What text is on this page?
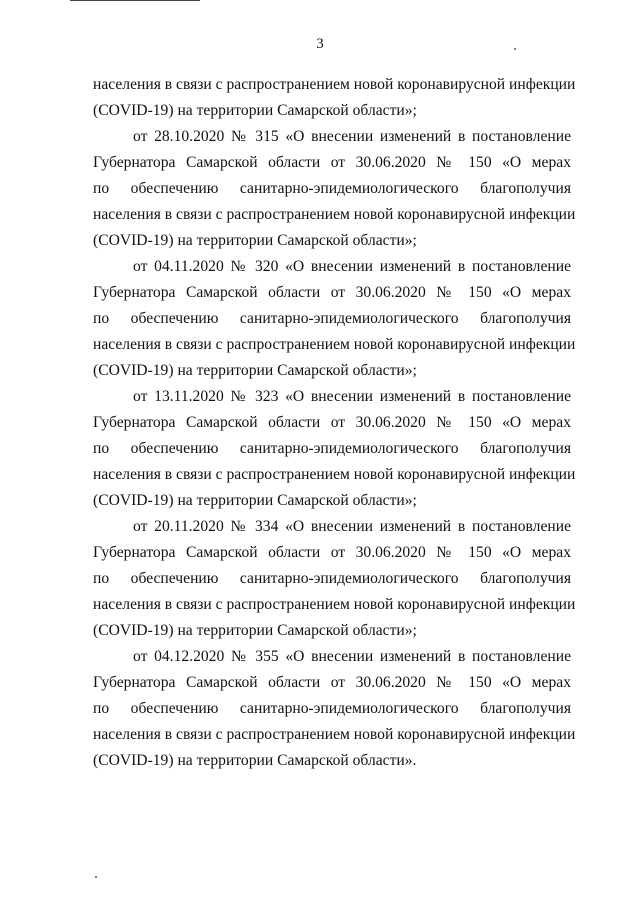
3
населения в связи с распространением новой коронавирусной инфекции
(COVID-19) на территории Самарской области»;
от 28.10.2020 № 315 «О внесении изменений в постановление
Губернатора Самарской области от 30.06.2020 № 150 «О мерах
по обеспечению санитарно-эпидемиологического благополучия
населения в связи с распространением новой коронавирусной инфекции
(COVID-19) на территории Самарской области»;
от 04.11.2020 № 320 «О внесении изменений в постановление
Губернатора Самарской области от 30.06.2020 № 150 «О мерах
по обеспечению санитарно-эпидемиологического благополучия
населения в связи с распространением новой коронавирусной инфекции
(COVID-19) на территории Самарской области»;
от 13.11.2020 № 323 «О внесении изменений в постановление
Губернатора Самарской области от 30.06.2020 № 150 «О мерах
по обеспечению санитарно-эпидемиологического благополучия
населения в связи с распространением новой коронавирусной инфекции
(COVID-19) на территории Самарской области»;
от 20.11.2020 № 334 «О внесении изменений в постановление
Губернатора Самарской области от 30.06.2020 № 150 «О мерах
по обеспечению санитарно-эпидемиологического благополучия
населения в связи с распространением новой коронавирусной инфекции
(COVID-19) на территории Самарской области»;
от 04.12.2020 № 355 «О внесении изменений в постановление
Губернатора Самарской области от 30.06.2020 № 150 «О мерах
по обеспечению санитарно-эпидемиологического благополучия
населения в связи с распространением новой коронавирусной инфекции
(COVID-19) на территории Самарской области».
